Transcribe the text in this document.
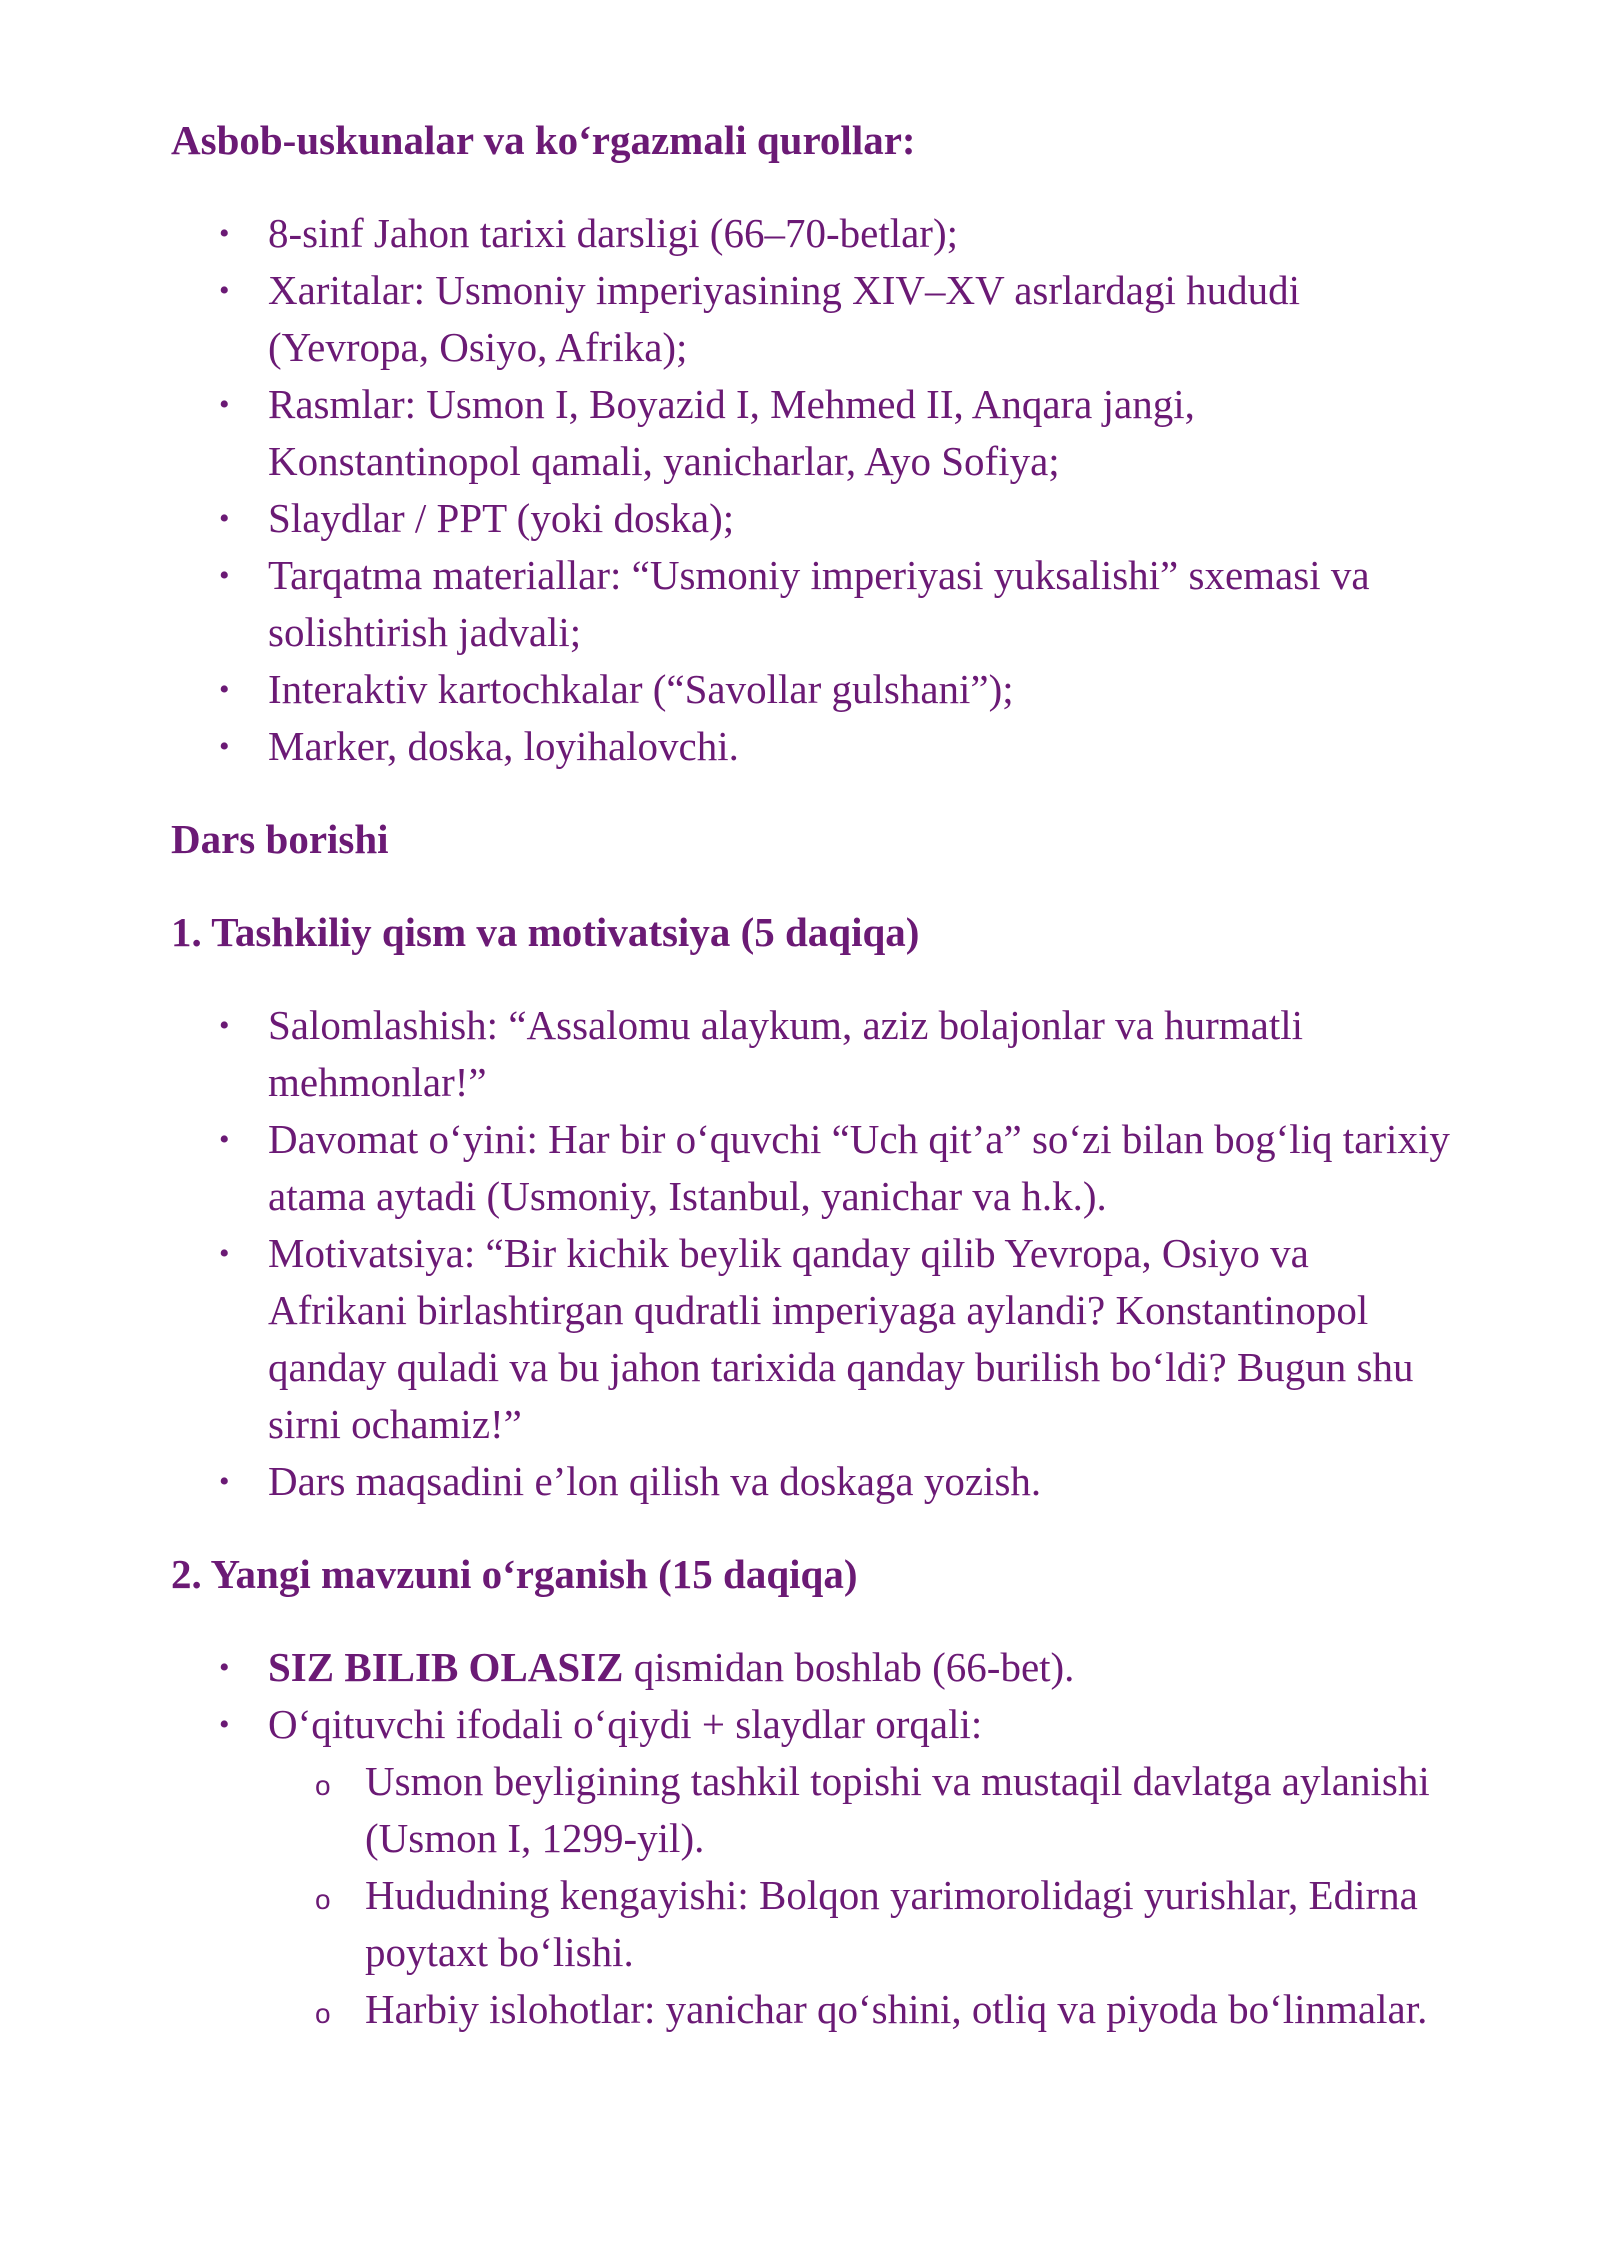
Asbob-uskunalar va ko‘rgazmali qurollar:

• 8-sinf Jahon tarixi darsligi (66–70-betlar);
• Xaritalar: Usmoniy imperiyasining XIV–XV asrlardagi hududi (Yevropa, Osiyo, Afrika);
• Rasmlar: Usmon I, Boyazid I, Mehmed II, Anqara jangi, Konstantinopol qamali, yanicharlar, Ayo Sofiya;
• Slaydlar / PPT (yoki doska);
• Tarqatma materiallar: “Usmoniy imperiyasi yuksalishi” sxemasi va solishtirish jadvali;
• Interaktiv kartochkalar (“Savollar gulshani”);
• Marker, doska, loyihalovchi.

Dars borishi

1. Tashkiliy qism va motivatsiya (5 daqiqa)

• Salomlashish: “Assalomu alaykum, aziz bolajonlar va hurmatli mehmonlar!”
• Davomat o‘yini: Har bir o‘quvchi “Uch qit’a” so‘zi bilan bog‘liq tarixiy atama aytadi (Usmoniy, Istanbul, yanichar va h.k.).
• Motivatsiya: “Bir kichik beylik qanday qilib Yevropa, Osiyo va Afrikani birlashtirgan qudratli imperiyaga aylandi? Konstantinopol qanday quladi va bu jahon tarixida qanday burilish bo‘ldi? Bugun shu sirni ochamiz!”
• Dars maqsadini e’lon qilish va doskaga yozish.

2. Yangi mavzuni o‘rganish (15 daqiqa)

• SIZ BILIB OLASIZ qismidan boshlab (66-bet).
• O‘qituvchi ifodali o‘qiydi + slaydlar orqali:
o Usmon beyligining tashkil topishi va mustaqil davlatga aylanishi (Usmon I, 1299-yil).
o Hududning kengayishi: Bolqon yarimorolidagi yurishlar, Edirna poytaxt bo‘lishi.
o Harbiy islohotlar: yanichar qo‘shini, otliq va piyoda bo‘linmalar.
